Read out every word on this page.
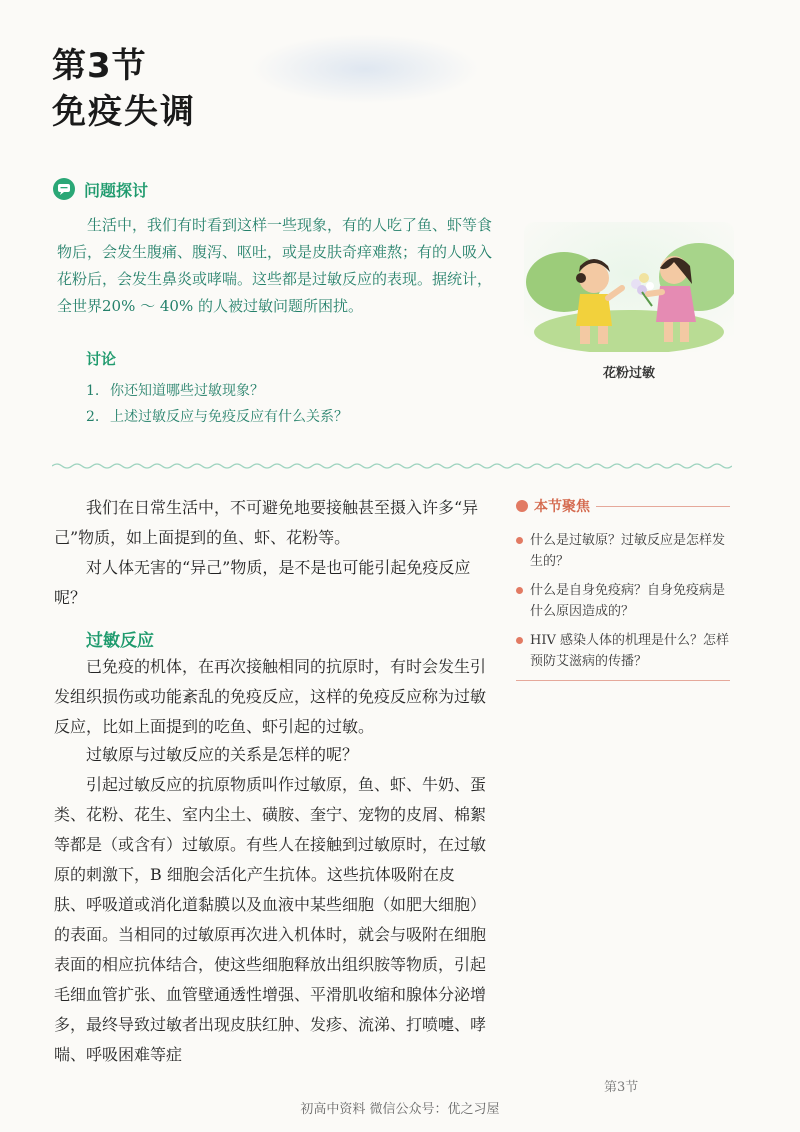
第3节
免疫失调
问题探讨

生活中，我们有时看到这样一些现象，有的人吃了鱼、虾等食物后，会发生腹痛、腹泻、呕吐，或是皮肤奇痒难熬；有的人吸入花粉后，会发生鼻炎或哮喘。这些都是过敏反应的表现。据统计，全世界20% ～ 40% 的人被过敏问题所困扰。

讨论
1. 你还知道哪些过敏现象？
2. 上述过敏反应与免疫反应有什么关系？
花粉过敏

我们在日常生活中，不可避免地要接触甚至摄入许多“异己”物质，如上面提到的鱼、虾、花粉等。

对人体无害的“异己”物质，是不是也可能引起免疫反应呢？

过敏反应

已免疫的机体，在再次接触相同的抗原时，有时会发生引发组织损伤或功能紊乱的免疫反应，这样的免疫反应称为过敏反应，比如上面提到的吃鱼、虾引起的过敏。

过敏原与过敏反应的关系是怎样的呢？

引起过敏反应的抗原物质叫作过敏原，鱼、虾、牛奶、蛋类、花粉、花生、室内尘土、磺胺、奎宁、宠物的皮屑、棉絮等都是（或含有）过敏原。有些人在接触到过敏原时，在过敏原的刺激下，B 细胞会活化产生抗体。这些抗体吸附在皮肤、呼吸道或消化道黏膜以及血液中某些细胞（如肥大细胞）的表面。当相同的过敏原再次进入机体时，就会与吸附在细胞表面的相应抗体结合，使这些细胞释放出组织胺等物质，引起毛细血管扩张、血管壁通透性增强、平滑肌收缩和腺体分泌增多，最终导致过敏者出现皮肤红肿、发疹、流涕、打喷嚏、哮喘、呼吸困难等症

本节聚焦
什么是过敏原？过敏反应是怎样发生的？
什么是自身免疫病？自身免疫病是什么原因造成的？
HIV 感染人体的机理是什么？怎样预防艾滋病的传播？
第3节
初高中资料 微信公众号：优之习屋
